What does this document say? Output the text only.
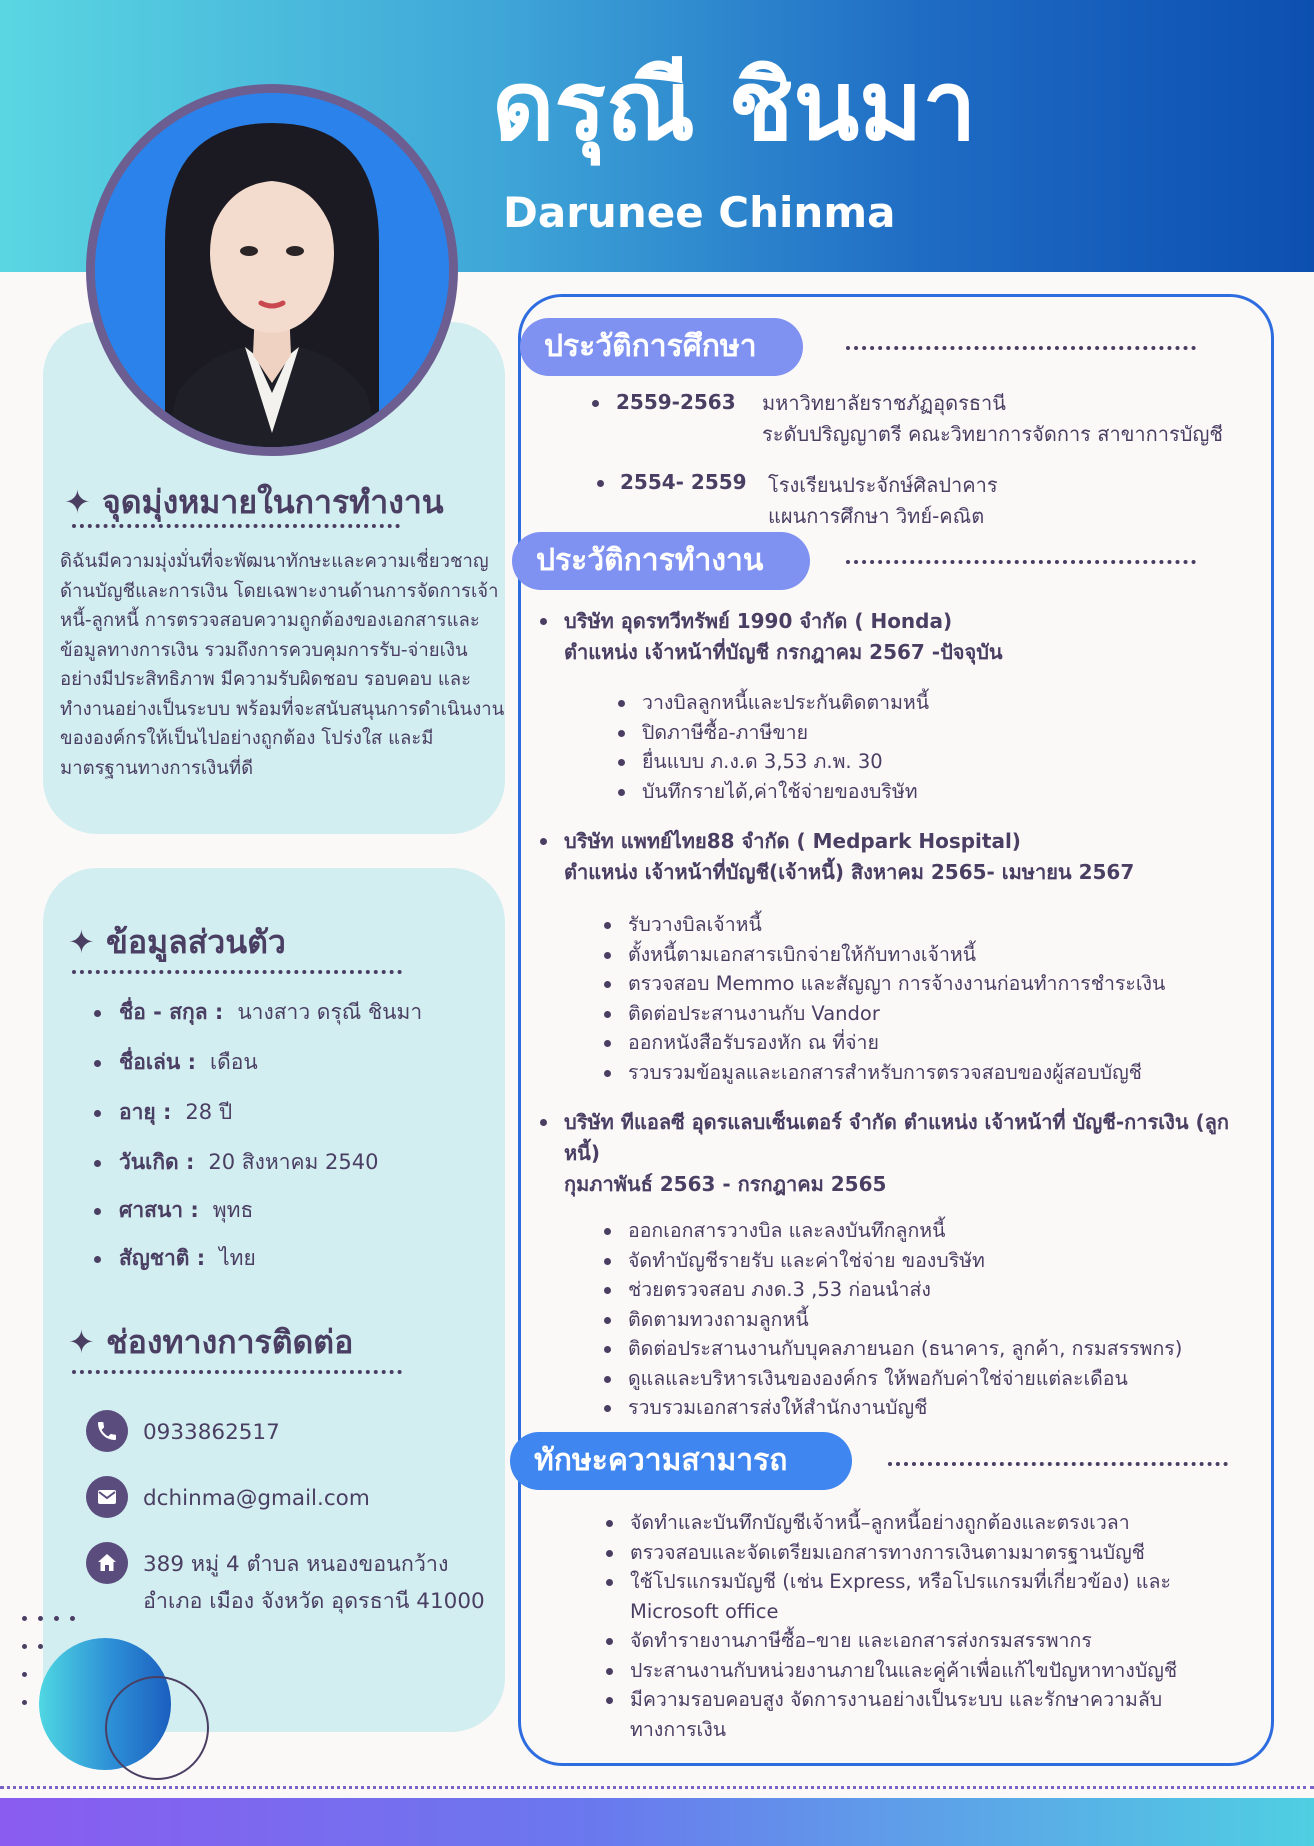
ดรุณี ชินมา
Darunee Chinma
✦ จุดมุ่งหมายในการทำงาน
ดิฉันมีความมุ่งมั่นที่จะพัฒนาทักษะและความเชี่ยวชาญด้านบัญชีและการเงิน โดยเฉพาะงานด้านการจัดการเจ้าหนี้-ลูกหนี้ การตรวจสอบความถูกต้องของเอกสารและข้อมูลทางการเงิน รวมถึงการควบคุมการรับ-จ่ายเงินอย่างมีประสิทธิภาพ มีความรับผิดชอบ รอบคอบ และทำงานอย่างเป็นระบบ พร้อมที่จะสนับสนุนการดำเนินงานขององค์กรให้เป็นไปอย่างถูกต้อง โปร่งใส และมีมาตรฐานทางการเงินที่ดี
✦ ข้อมูลส่วนตัว
ชื่อ - สกุล : นางสาว ดรุณี ชินมา
ชื่อเล่น : เดือน
อายุ : 28 ปี
วันเกิด : 20 สิงหาคม 2540
ศาสนา : พุทธ
สัญชาติ : ไทย
✦ ช่องทางการติดต่อ
0933862517
dchinma@gmail.com
389 หมู่ 4 ตำบล หนองขอนกว้าง
อำเภอ เมือง จังหวัด อุดรธานี 41000
ประวัติการศึกษา
2559-2563 มหาวิทยาลัยราชภัฏอุดรธานี
ระดับปริญญาตรี คณะวิทยาการจัดการ สาขาการบัญชี
2554- 2559 โรงเรียนประจักษ์ศิลปาคาร
แผนการศึกษา วิทย์-คณิต
ประวัติการทำงาน
บริษัท อุดรทวีทรัพย์ 1990 จำกัด ( Honda)
ตำแหน่ง เจ้าหน้าที่บัญชี กรกฎาคม 2567 -ปัจจุบัน
วางบิลลูกหนี้และประกันติดตามหนี้
ปิดภาษีซื้อ-ภาษีขาย
ยื่นแบบ ภ.ง.ด 3,53 ภ.พ. 30
บันทึกรายได้,ค่าใช้จ่ายของบริษัท
บริษัท แพทย์ไทย88 จำกัด ( Medpark Hospital)
ตำแหน่ง เจ้าหน้าที่บัญชี(เจ้าหนี้) สิงหาคม 2565- เมษายน 2567
รับวางบิลเจ้าหนี้
ตั้งหนี้ตามเอกสารเบิกจ่ายให้กับทางเจ้าหนี้
ตรวจสอบ Memmo และสัญญา การจ้างงานก่อนทำการชำระเงิน
ติดต่อประสานงานกับ Vandor
ออกหนังสือรับรองหัก ณ ที่จ่าย
รวบรวมข้อมูลและเอกสารสำหรับการตรวจสอบของผู้สอบบัญชี
บริษัท ทีแอลซี อุดรแลบเซ็นเตอร์ จำกัด ตำแหน่ง เจ้าหน้าที่ บัญชี-การเงิน (ลูกหนี้)
กุมภาพันธ์ 2563 - กรกฎาคม 2565
ออกเอกสารวางบิล และลงบันทึกลูกหนี้
จัดทำบัญชีรายรับ และค่าใช่จ่าย ของบริษัท
ช่วยตรวจสอบ ภงด.3 ,53 ก่อนนำส่ง
ติดตามทวงถามลูกหนี้
ติดต่อประสานงานกับบุคลภายนอก (ธนาคาร, ลูกค้า, กรมสรรพกร)
ดูแลและบริหารเงินขององค์กร ให้พอกับค่าใช่จ่ายแต่ละเดือน
รวบรวมเอกสารส่งให้สำนักงานบัญชี
ทักษะความสามารถ
จัดทำและบันทึกบัญชีเจ้าหนี้–ลูกหนี้อย่างถูกต้องและตรงเวลา
ตรวจสอบและจัดเตรียมเอกสารทางการเงินตามมาตรฐานบัญชี
ใช้โปรแกรมบัญชี (เช่น Express, หรือโปรแกรมที่เกี่ยวข้อง) และ Microsoft office
จัดทำรายงานภาษีซื้อ–ขาย และเอกสารส่งกรมสรรพากร
ประสานงานกับหน่วยงานภายในและคู่ค้าเพื่อแก้ไขปัญหาทางบัญชี
มีความรอบคอบสูง จัดการงานอย่างเป็นระบบ และรักษาความลับทางการเงิน
